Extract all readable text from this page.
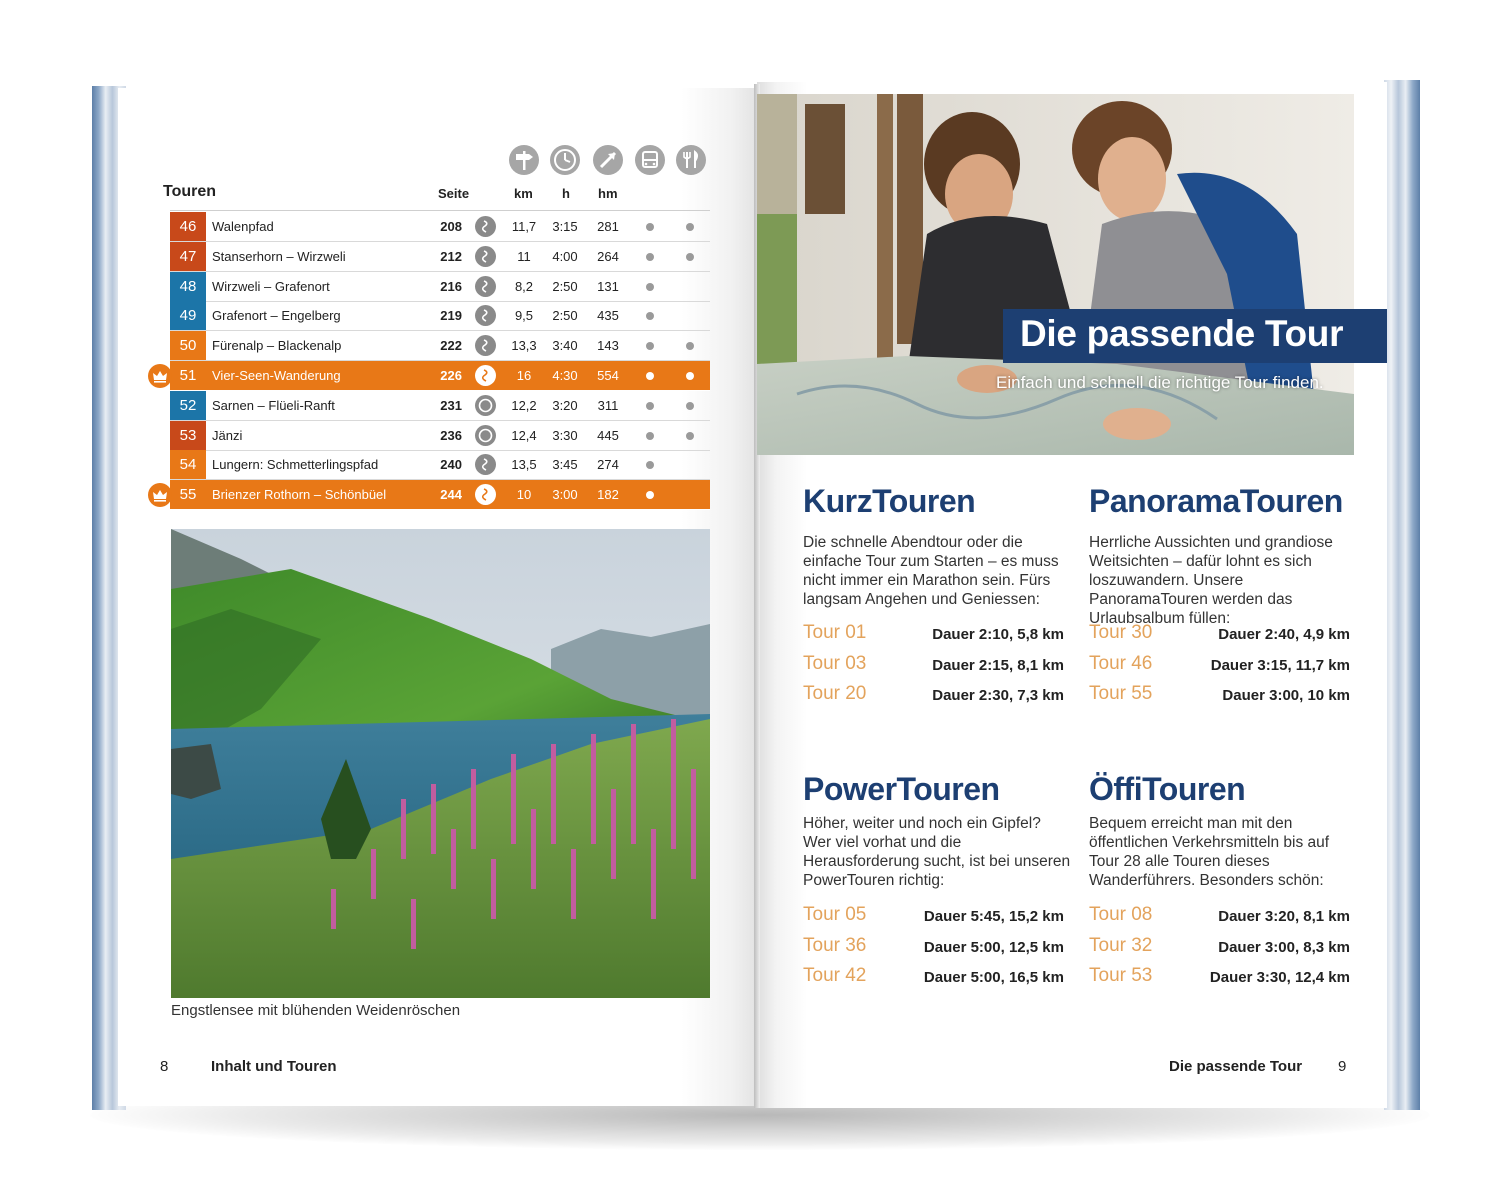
Touren	Seite	km h hm
46	Walenpfad	208	11,7	3:15	281
47	Stanserhorn – Wirzweli	212	11	4:00	264
48	Wirzweli – Grafenort	216	8,2	2:50	131
49	Grafenort – Engelberg	219	9,5	2:50	435
50	Fürenalp – Blackenalp	222	13,3	3:40	143
51	Vier-Seen-Wanderung	226	16	4:30	554
52	Sarnen – Flüeli-Ranft	231	12,2	3:20	311
53	Jänzi	236	12,4	3:30	445
54	Lungern: Schmetterlingspfad	240	13,5	3:45	274
55	Brienzer Rothorn – Schönbüel	244	10	3:00	182
Engstlensee mit blühenden Weidenröschen
8	Inhalt und Touren
Die passende Tour
Einfach und schnell die richtige Tour finden.
KurzTouren
Die schnelle Abendtour oder die einfache Tour zum Starten – es muss nicht immer ein Marathon sein. Fürs langsam Angehen und Geniessen:
Tour 01	Dauer 2:10, 5,8 km
Tour 03	Dauer 2:15, 8,1 km
Tour 20	Dauer 2:30, 7,3 km
PanoramaTouren
Herrliche Aussichten und grandiose Weitsichten – dafür lohnt es sich loszuwandern. Unsere PanoramaTouren werden das Urlaubsalbum füllen:
Tour 30	Dauer 2:40, 4,9 km
Tour 46	Dauer 3:15, 11,7 km
Tour 55	Dauer 3:00, 10 km
PowerTouren
Höher, weiter und noch ein Gipfel? Wer viel vorhat und die Herausforderung sucht, ist bei unseren PowerTouren richtig:
Tour 05	Dauer 5:45, 15,2 km
Tour 36	Dauer 5:00, 12,5 km
Tour 42	Dauer 5:00, 16,5 km
ÖffiTouren
Bequem erreicht man mit den öffentlichen Verkehrsmitteln bis auf Tour 28 alle Touren dieses Wanderführers. Besonders schön:
Tour 08	Dauer 3:20, 8,1 km
Tour 32	Dauer 3:00, 8,3 km
Tour 53	Dauer 3:30, 12,4 km
Die passende Tour 9
